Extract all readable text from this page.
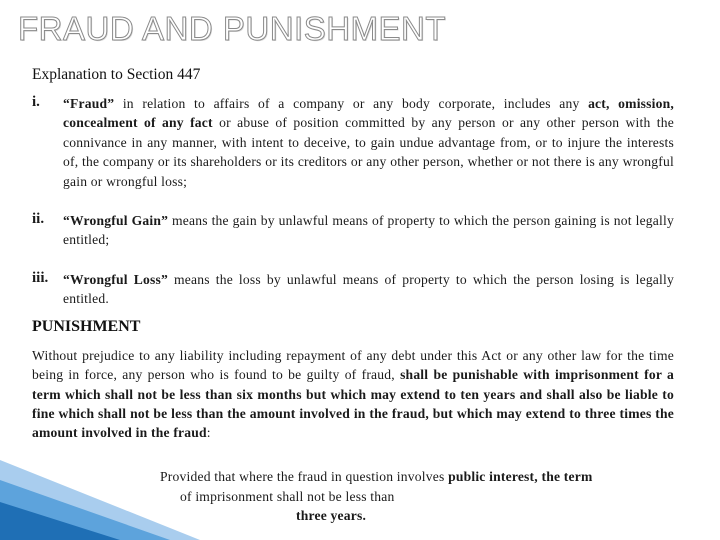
FRAUD AND PUNISHMENT
Explanation to Section 447
i.	“Fraud” in relation to affairs of a company or any body corporate, includes any act, omission, concealment of any fact or abuse of position committed by any person or any other person with the connivance in any manner, with intent to deceive, to gain undue advantage from, or to injure the interests of, the company or its shareholders or its creditors or any other person, whether or not there is any wrongful gain or wrongful loss;
ii.	“Wrongful Gain” means the gain by unlawful means of property to which the person gaining is not legally entitled;
iii.	“Wrongful Loss” means the loss by unlawful means of property to which the person losing is legally entitled.
PUNISHMENT
Without prejudice to any liability including repayment of any debt under this Act or any other law for the time being in force, any person who is found to be guilty of fraud, shall be punishable with imprisonment for a term which shall not be less than six months but which may extend to ten years and shall also be liable to fine which shall not be less than the amount involved in the fraud, but which may extend to three times the amount involved in the fraud:
Provided that where the fraud in question involves public interest, the term
of imprisonment shall not be less than
three years.
